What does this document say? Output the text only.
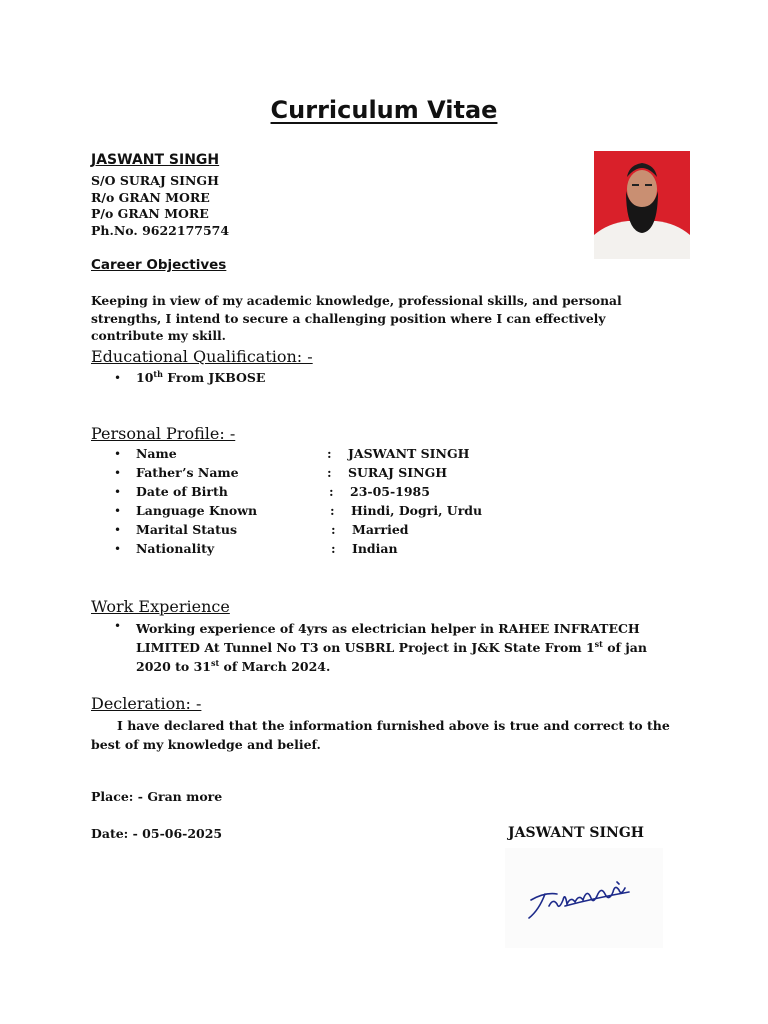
Curriculum Vitae
JASWANT SINGH
S/O SURAJ SINGH
R/o GRAN MORE
P/o GRAN MORE
Ph.No. 9622177574
Career Objectives
Keeping in view of my academic knowledge, professional skills, and personal strengths, I intend to secure a challenging position where I can effectively contribute my skill.
Educational Qualification: -
• 10th From JKBOSE
Personal Profile: -
• Name	: JASWANT SINGH
• Father’s Name	: SURAJ SINGH
• Date of Birth	: 23-05-1985
• Language Known	: Hindi, Dogri, Urdu
• Marital Status	: Married
• Nationality	: Indian
Work Experience
• Working experience of 4yrs as electrician helper in RAHEE INFRATECH LIMITED At Tunnel No T3 on USBRL Project in J&K State From 1st of jan 2020 to 31st of March 2024.
Decleration: -
I have declared that the information furnished above is true and correct to the best of my knowledge and belief.
Place: - Gran more
Date: - 05-06-2025	JASWANT SINGH
